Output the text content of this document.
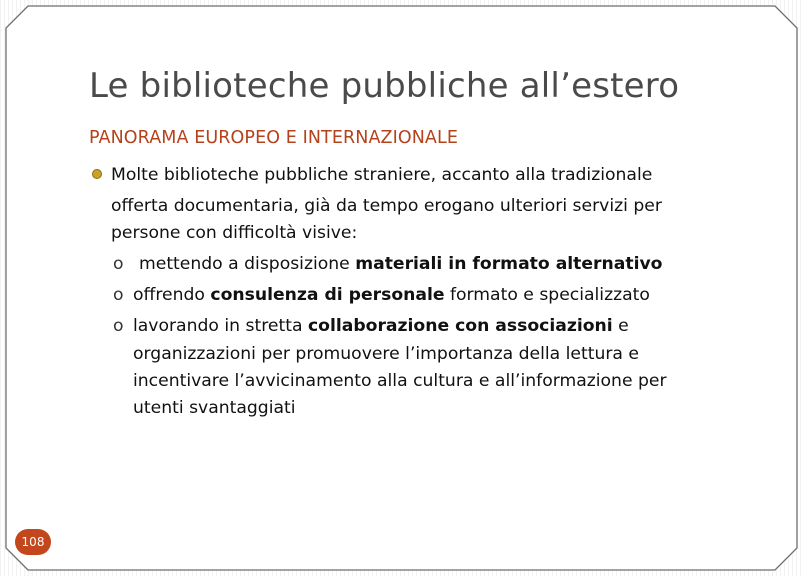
Le biblioteche pubbliche all’estero
PANORAMA EUROPEO E INTERNAZIONALE
Molte biblioteche pubbliche straniere, accanto alla tradizionale
offerta documentaria, già da tempo erogano ulteriori servizi per
persone con difficoltà visive:
o mettendo a disposizione materiali in formato alternativo
o offrendo consulenza di personale formato e specializzato
o lavorando in stretta collaborazione con associazioni e
organizzazioni per promuovere l’importanza della lettura e
incentivare l’avvicinamento alla cultura e all’informazione per
utenti svantaggiati
108
